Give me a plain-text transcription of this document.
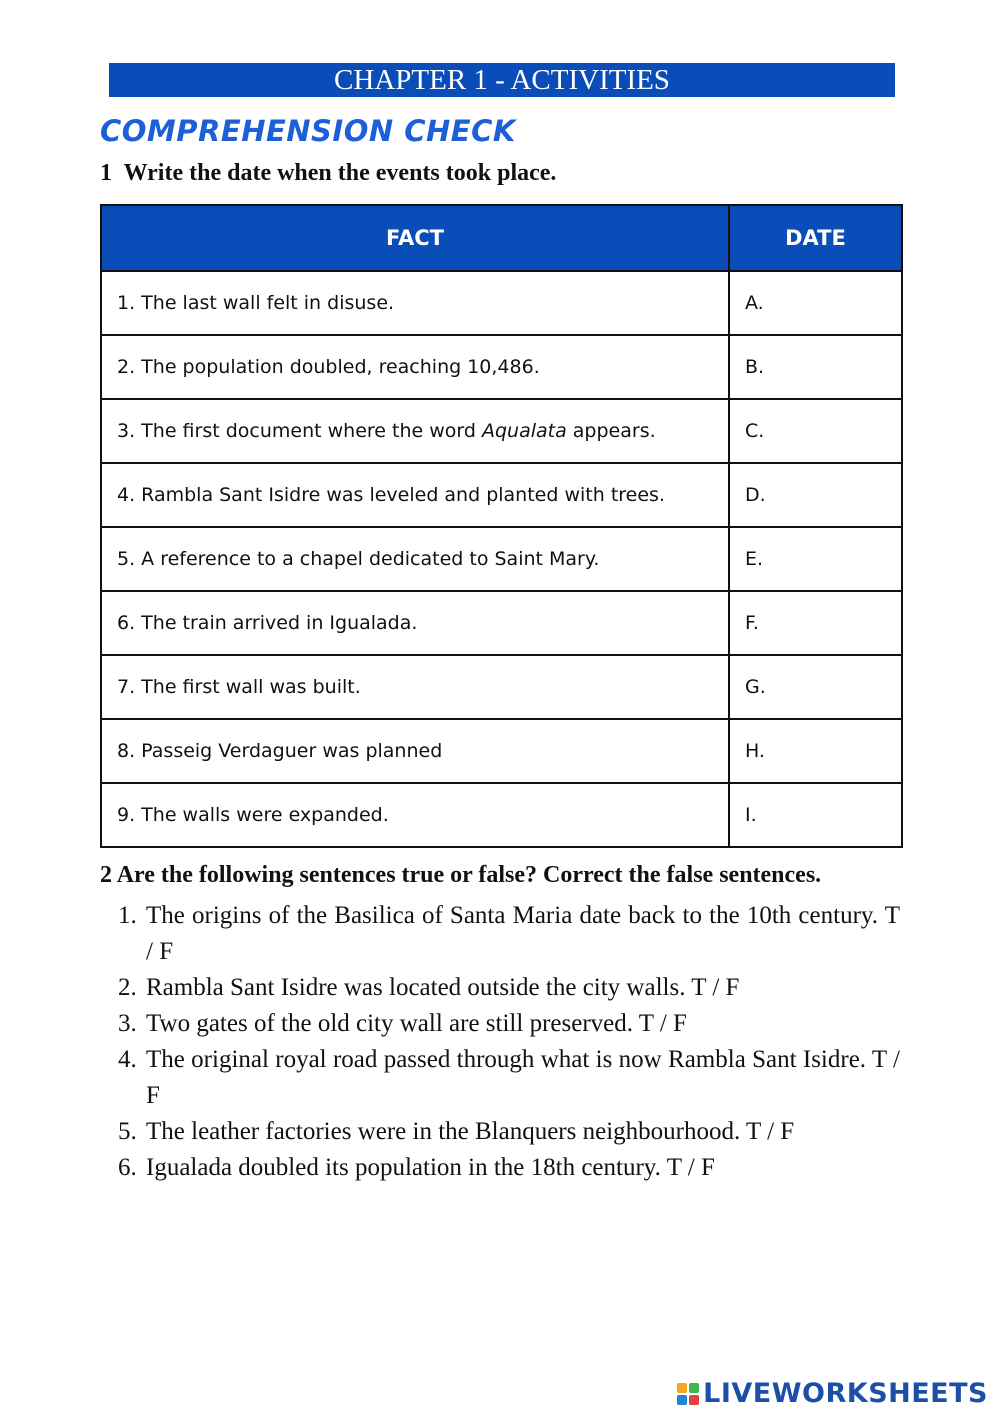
CHAPTER 1 - ACTIVITIES
COMPREHENSION CHECK
1 Write the date when the events took place.
FACT	DATE
1. The last wall felt in disuse.	A.
2. The population doubled, reaching 10,486.	B.
3. The first document where the word Aqualata appears.	C.
4. Rambla Sant Isidre was leveled and planted with trees.	D.
5. A reference to a chapel dedicated to Saint Mary.	E.
6. The train arrived in Igualada.	F.
7. The first wall was built.	G.
8. Passeig Verdaguer was planned	H.
9. The walls were expanded.	I.
2 Are the following sentences true or false? Correct the false sentences.
1. The origins of the Basilica of Santa Maria date back to the 10th century. T / F
2. Rambla Sant Isidre was located outside the city walls. T / F
3. Two gates of the old city wall are still preserved. T / F
4. The original royal road passed through what is now Rambla Sant Isidre. T / F
5. The leather factories were in the Blanquers neighbourhood. T / F
6. Igualada doubled its population in the 18th century. T / F
LIVEWORKSHEETS
